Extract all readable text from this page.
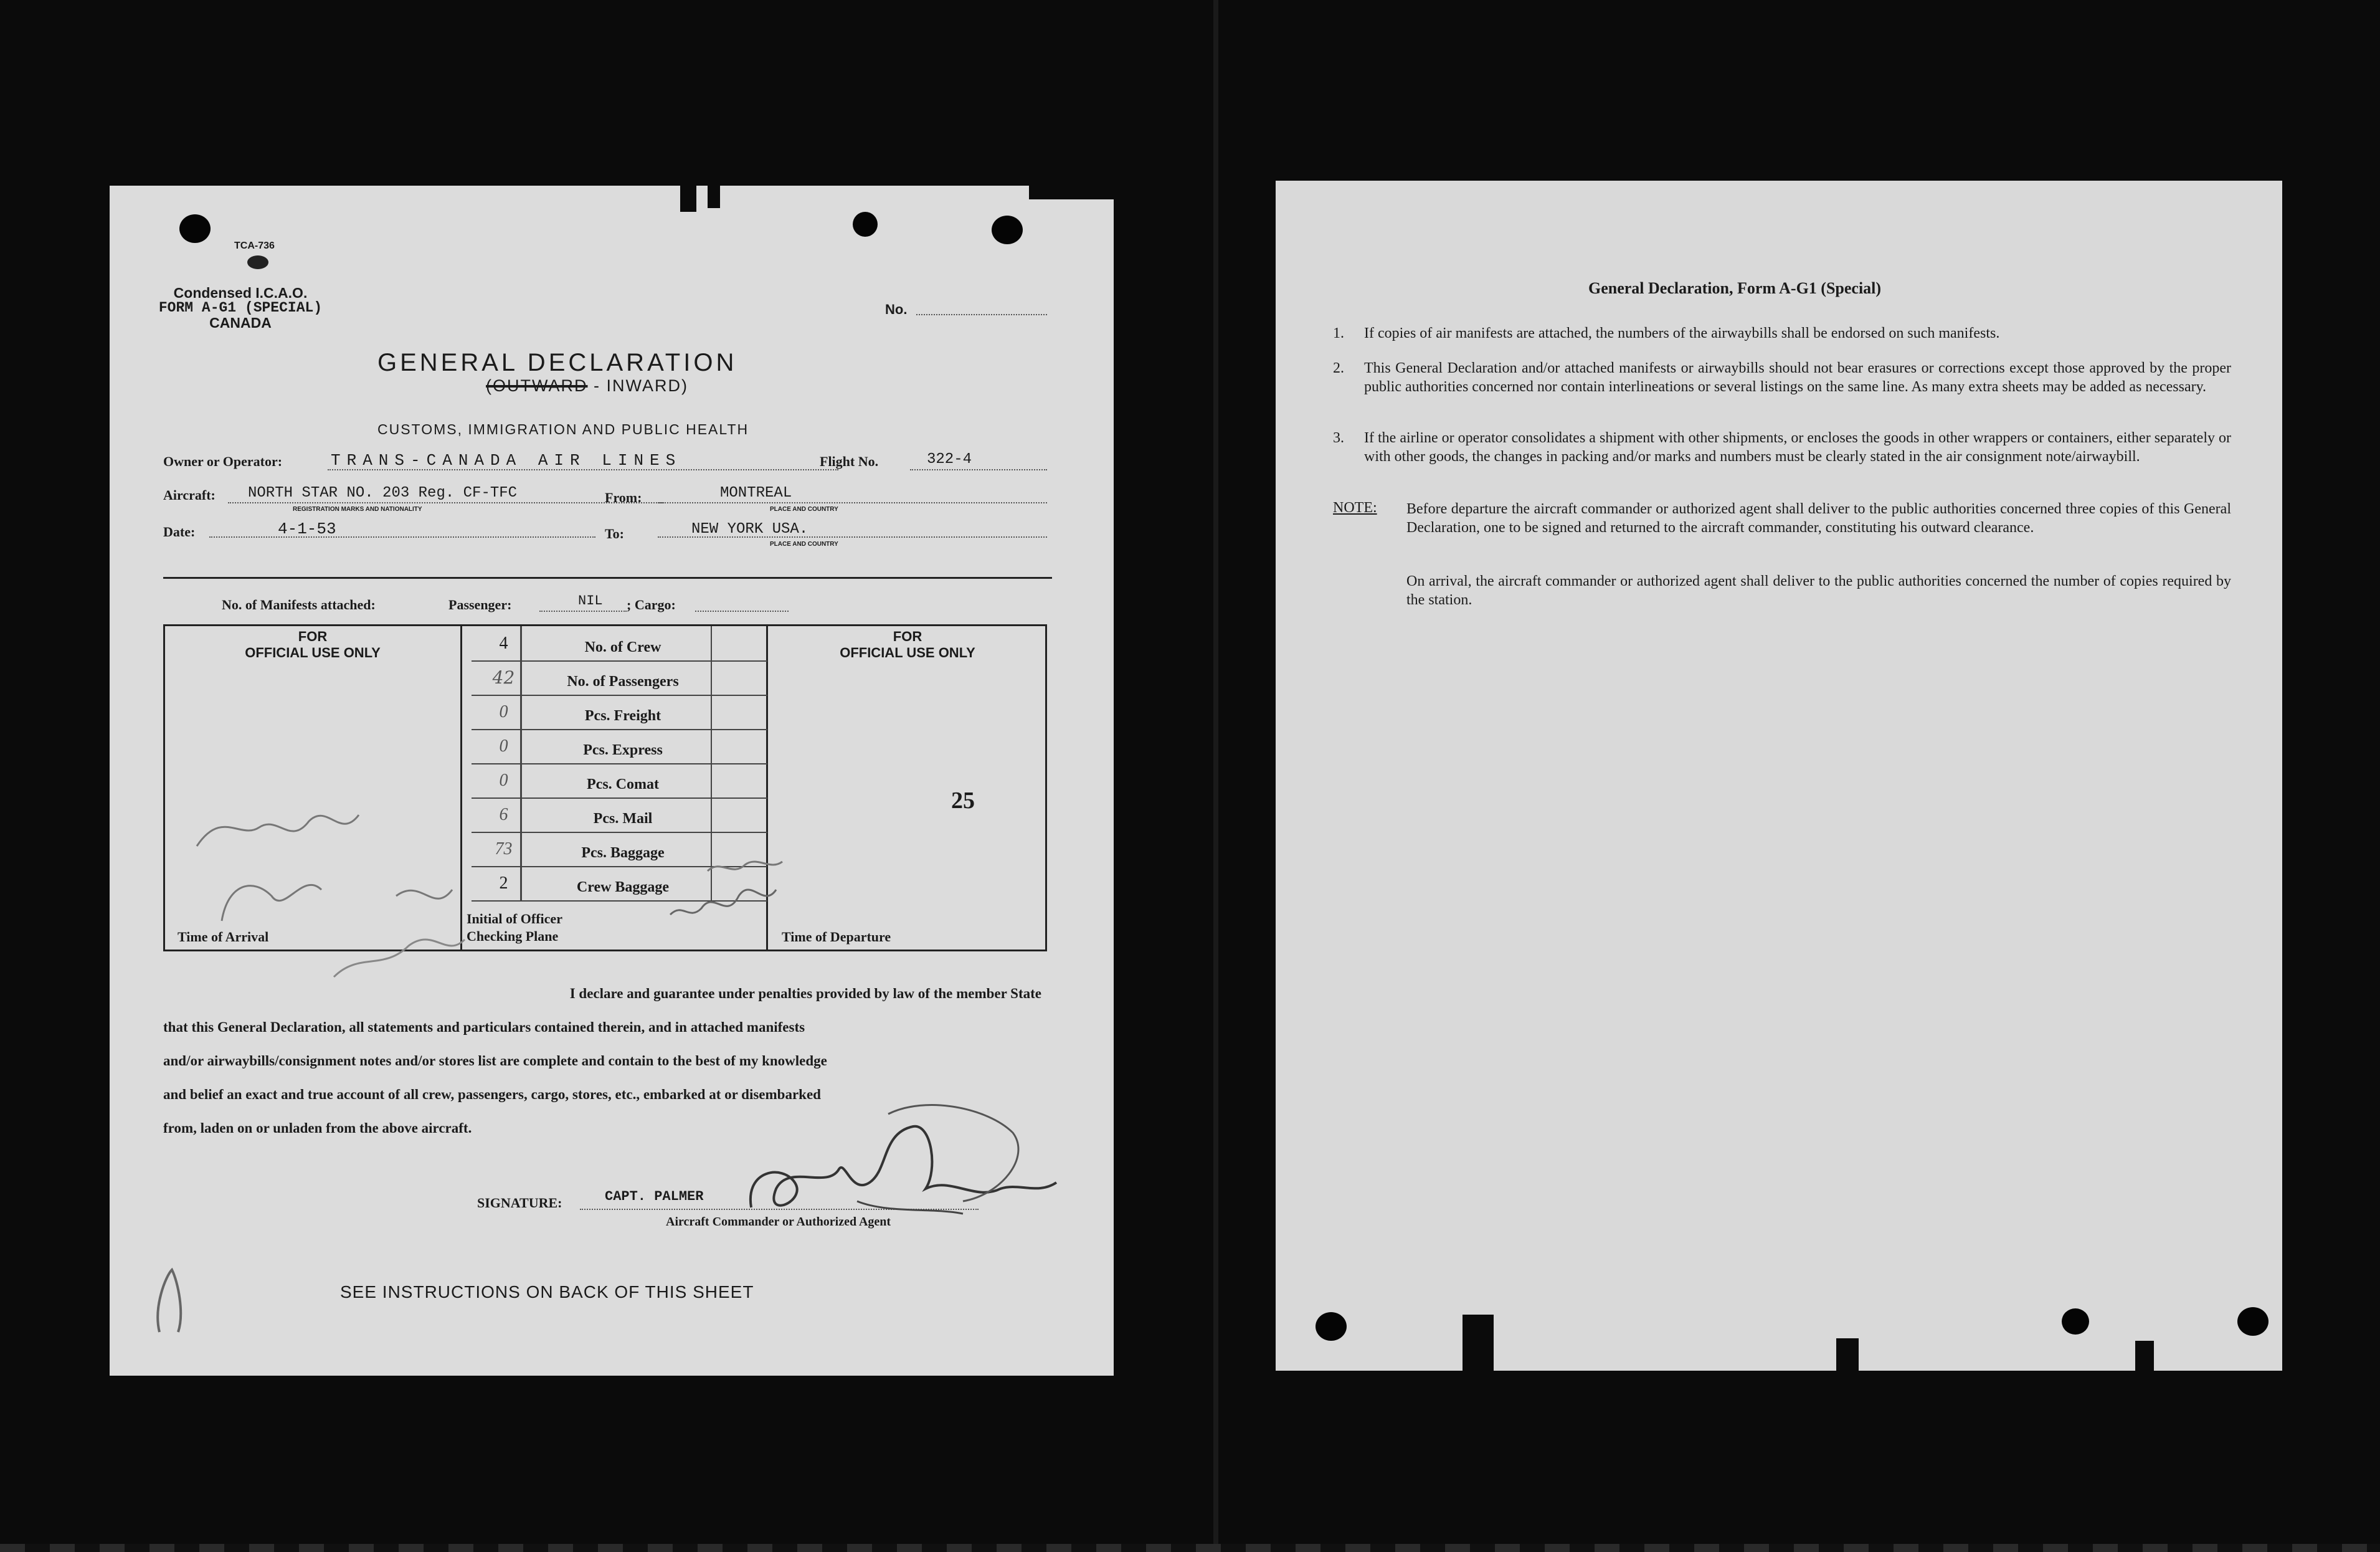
TCA-736
Condensed I.C.A.O.
FORM A-G1 (SPECIAL)
CANADA
No.
GENERAL DECLARATION
(OUTWARD - INWARD)
CUSTOMS, IMMIGRATION AND PUBLIC HEALTH
Owner or Operator:	TRANS-CANADA AIR LINES	Flight No.	322-4
Aircraft: NORTH STAR NO. 203 Reg. CF-TFC
REGISTRATION MARKS AND NATIONALITY
From:	MONTREAL
PLACE AND COUNTRY
Date:	4-1-53	To:	NEW YORK USA.
PLACE AND COUNTRY
No. of Manifests attached:	Passenger:	NIL ; Cargo:
FOR
OFFICIAL USE ONLY
FOR
OFFICIAL USE ONLY
4	No. of Crew
42	No. of Passengers
0	Pcs. Freight
0	Pcs. Express
0	Pcs. Comat
6	Pcs. Mail
73	Pcs. Baggage
2	Crew Baggage
Initial of Officer
Checking Plane
25
Time of Arrival	Time of Departure
I declare and guarantee under penalties provided by law of the member State
that this General Declaration, all statements and particulars contained therein, and in attached manifests
and/or airwaybills/consignment notes and/or stores list are complete and contain to the best of my knowledge
and belief an exact and true account of all crew, passengers, cargo, stores, etc., embarked at or disembarked
from, laden on or unladen from the above aircraft.
SIGNATURE:	CAPT. PALMER
Aircraft Commander or Authorized Agent
SEE INSTRUCTIONS ON BACK OF THIS SHEET
General Declaration, Form A-G1 (Special)
1. If copies of air manifests are attached, the numbers of the airwaybills shall be endorsed on such manifests.
2. This General Declaration and/or attached manifests or airwaybills should not bear erasures or corrections except those approved by the proper public authorities concerned nor contain interlineations or several listings on the same line. As many extra sheets may be added as necessary.
3. If the airline or operator consolidates a shipment with other shipments, or encloses the goods in other wrappers or containers, either separately or with other goods, the changes in packing and/or marks and numbers must be clearly stated in the air consignment note/airwaybill.
NOTE: Before departure the aircraft commander or authorized agent shall deliver to the public authorities concerned three copies of this General Declaration, one to be signed and returned to the aircraft commander, constituting his outward clearance.
On arrival, the aircraft commander or authorized agent shall deliver to the public authorities concerned the number of copies required by the station.
